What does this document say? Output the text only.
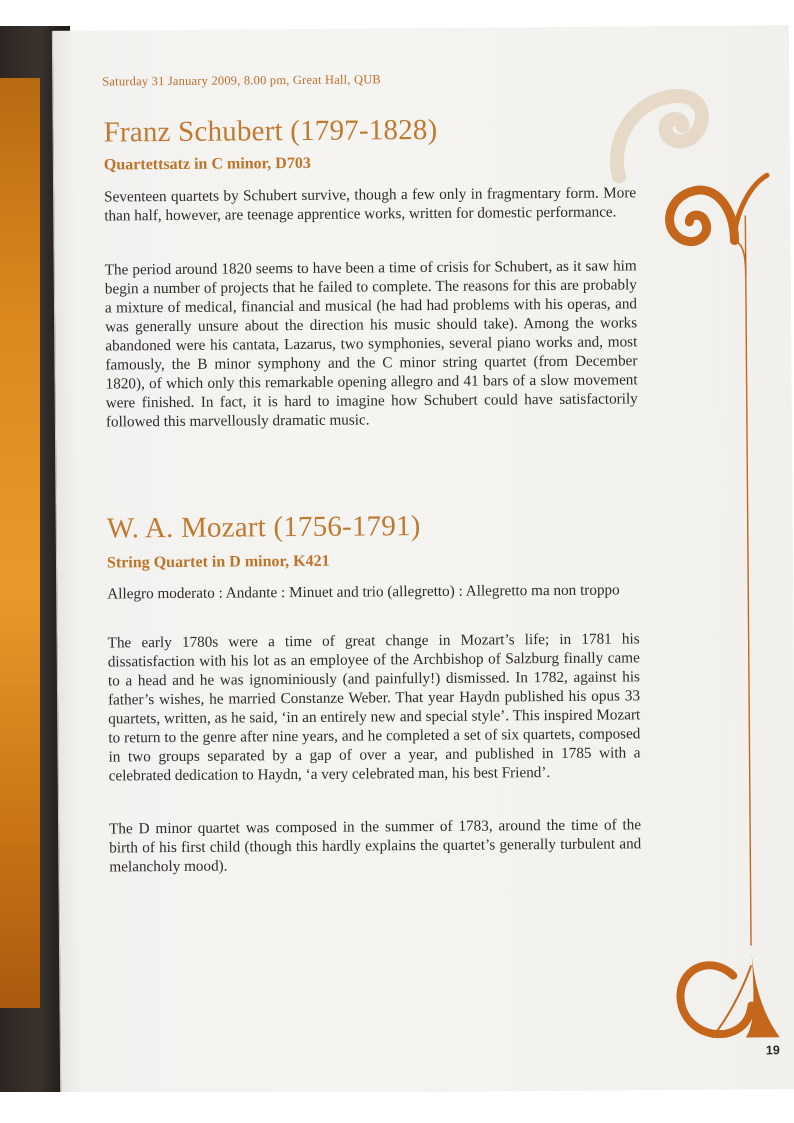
Saturday 31 January 2009, 8.00 pm, Great Hall, QUB
Franz Schubert (1797-1828)
Quartettsatz in C minor, D703

Seventeen quartets by Schubert survive, though a few only in fragmentary form. More than half, however, are teenage apprentice works, written for domestic performance.

The period around 1820 seems to have been a time of crisis for Schubert, as it saw him begin a number of projects that he failed to complete. The reasons for this are probably a mixture of medical, financial and musical (he had had problems with his operas, and was generally unsure about the direction his music should take). Among the works abandoned were his cantata, Lazarus, two symphonies, several piano works and, most famously, the B minor symphony and the C minor string quartet (from December 1820), of which only this remarkable opening allegro and 41 bars of a slow movement were finished. In fact, it is hard to imagine how Schubert could have satisfactorily followed this marvellously dramatic music.

W. A. Mozart (1756-1791)
String Quartet in D minor, K421

Allegro moderato : Andante : Minuet and trio (allegretto) : Allegretto ma non troppo

The early 1780s were a time of great change in Mozart’s life; in 1781 his dissatisfaction with his lot as an employee of the Archbishop of Salzburg finally came to a head and he was ignominiously (and painfully!) dismissed. In 1782, against his father’s wishes, he married Constanze Weber. That year Haydn published his opus 33 quartets, written, as he said, ‘in an entirely new and special style’. This inspired Mozart to return to the genre after nine years, and he completed a set of six quartets, composed in two groups separated by a gap of over a year, and published in 1785 with a celebrated dedication to Haydn, ‘a very celebrated man, his best Friend’.

The D minor quartet was composed in the summer of 1783, around the time of the birth of his first child (though this hardly explains the quartet’s generally turbulent and melancholy mood).

19
